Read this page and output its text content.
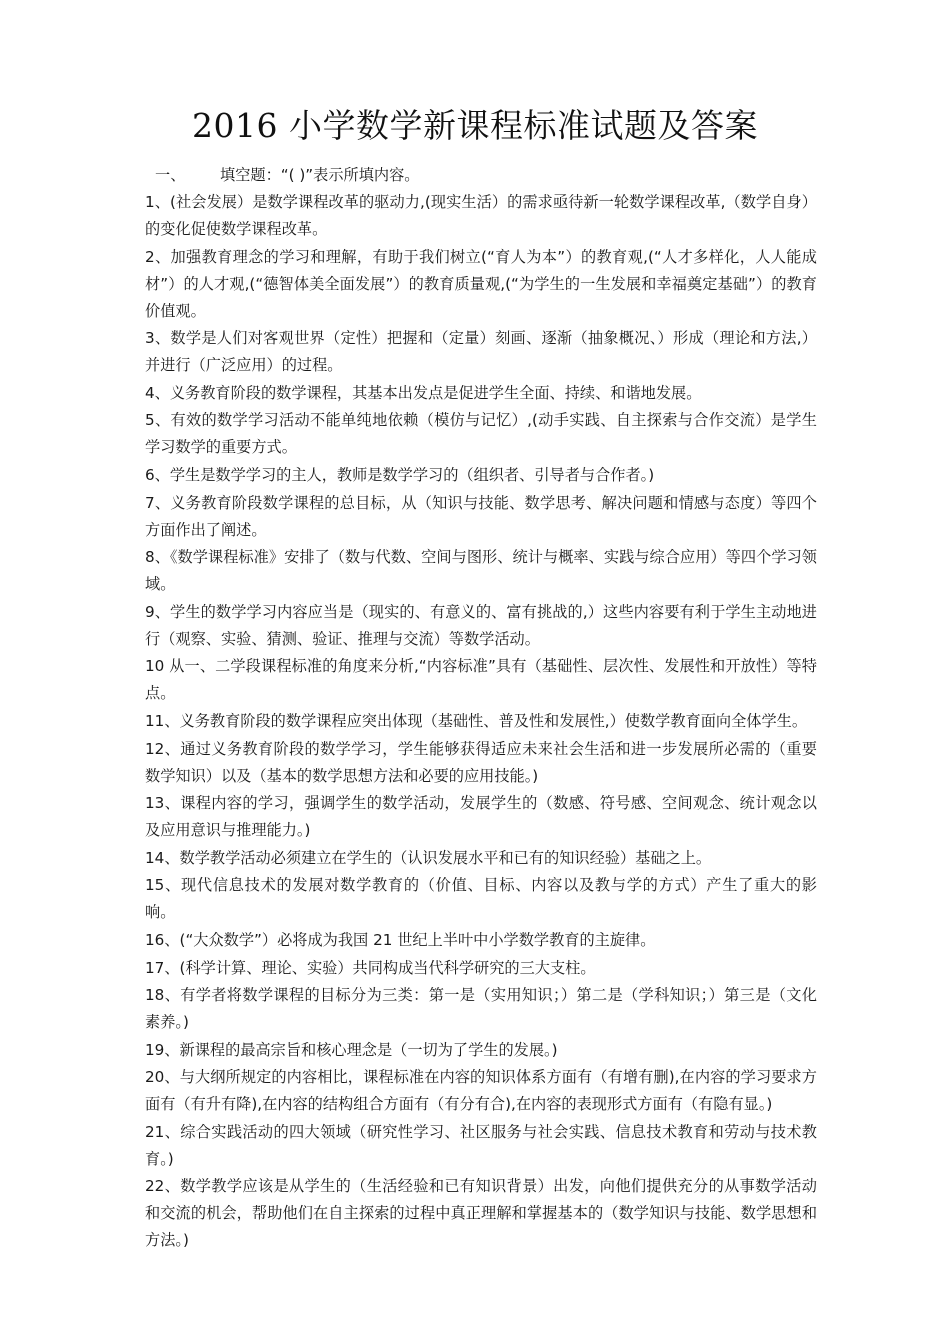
2016 小学数学新课程标准试题及答案

一、	填空题：“( )”表示所填内容。

1、(社会发展）是数学课程改革的驱动力,(现实生活）的需求亟待新一轮数学课程改革,（数学自身）的变化促使数学课程改革。

2、加强教育理念的学习和理解，有助于我们树立(“育人为本”）的教育观,(“人才多样化，人人能成材”）的人才观,(“德智体美全面发展”）的教育质量观,(“为学生的一生发展和幸福奠定基础”）的教育价值观。

3、数学是人们对客观世界（定性）把握和（定量）刻画、逐渐（抽象概况、）形成（理论和方法,）并进行（广泛应用）的过程。

4、义务教育阶段的数学课程，其基本出发点是促进学生全面、持续、和谐地发展。

5、有效的数学学习活动不能单纯地依赖（模仿与记忆）,(动手实践、自主探索与合作交流）是学生学习数学的重要方式。

6、学生是数学学习的主人，教师是数学学习的（组织者、引导者与合作者。)

7、义务教育阶段数学课程的总目标，从（知识与技能、数学思考、解决问题和情感与态度）等四个方面作出了阐述。

8、《数学课程标准》安排了（数与代数、空间与图形、统计与概率、实践与综合应用）等四个学习领域。

9、学生的数学学习内容应当是（现实的、有意义的、富有挑战的,）这些内容要有利于学生主动地进行（观察、实验、猜测、验证、推理与交流）等数学活动。

10 从一、二学段课程标准的角度来分析,“内容标准”具有（基础性、层次性、发展性和开放性）等特点。

11、义务教育阶段的数学课程应突出体现（基础性、普及性和发展性,）使数学教育面向全体学生。

12、通过义务教育阶段的数学学习，学生能够获得适应未来社会生活和进一步发展所必需的（重要数学知识）以及（基本的数学思想方法和必要的应用技能。)

13、课程内容的学习，强调学生的数学活动，发展学生的（数感、符号感、空间观念、统计观念以及应用意识与推理能力。)

14、数学教学活动必须建立在学生的（认识发展水平和已有的知识经验）基础之上。

15、现代信息技术的发展对数学教育的（价值、目标、内容以及教与学的方式）产生了重大的影响。

16、(“大众数学”）必将成为我国 21 世纪上半叶中小学数学教育的主旋律。

17、(科学计算、理论、实验）共同构成当代科学研究的三大支柱。

18、有学者将数学课程的目标分为三类：第一是（实用知识；）第二是（学科知识；）第三是（文化素养。)

19、新课程的最高宗旨和核心理念是（一切为了学生的发展。)

20、与大纲所规定的内容相比，课程标准在内容的知识体系方面有（有增有删),在内容的学习要求方面有（有升有降),在内容的结构组合方面有（有分有合),在内容的表现形式方面有（有隐有显。)

21、综合实践活动的四大领域（研究性学习、社区服务与社会实践、信息技术教育和劳动与技术教育。)

22、数学教学应该是从学生的（生活经验和已有知识背景）出发，向他们提供充分的从事数学活动和交流的机会，帮助他们在自主探索的过程中真正理解和掌握基本的（数学知识与技能、数学思想和方法。)
